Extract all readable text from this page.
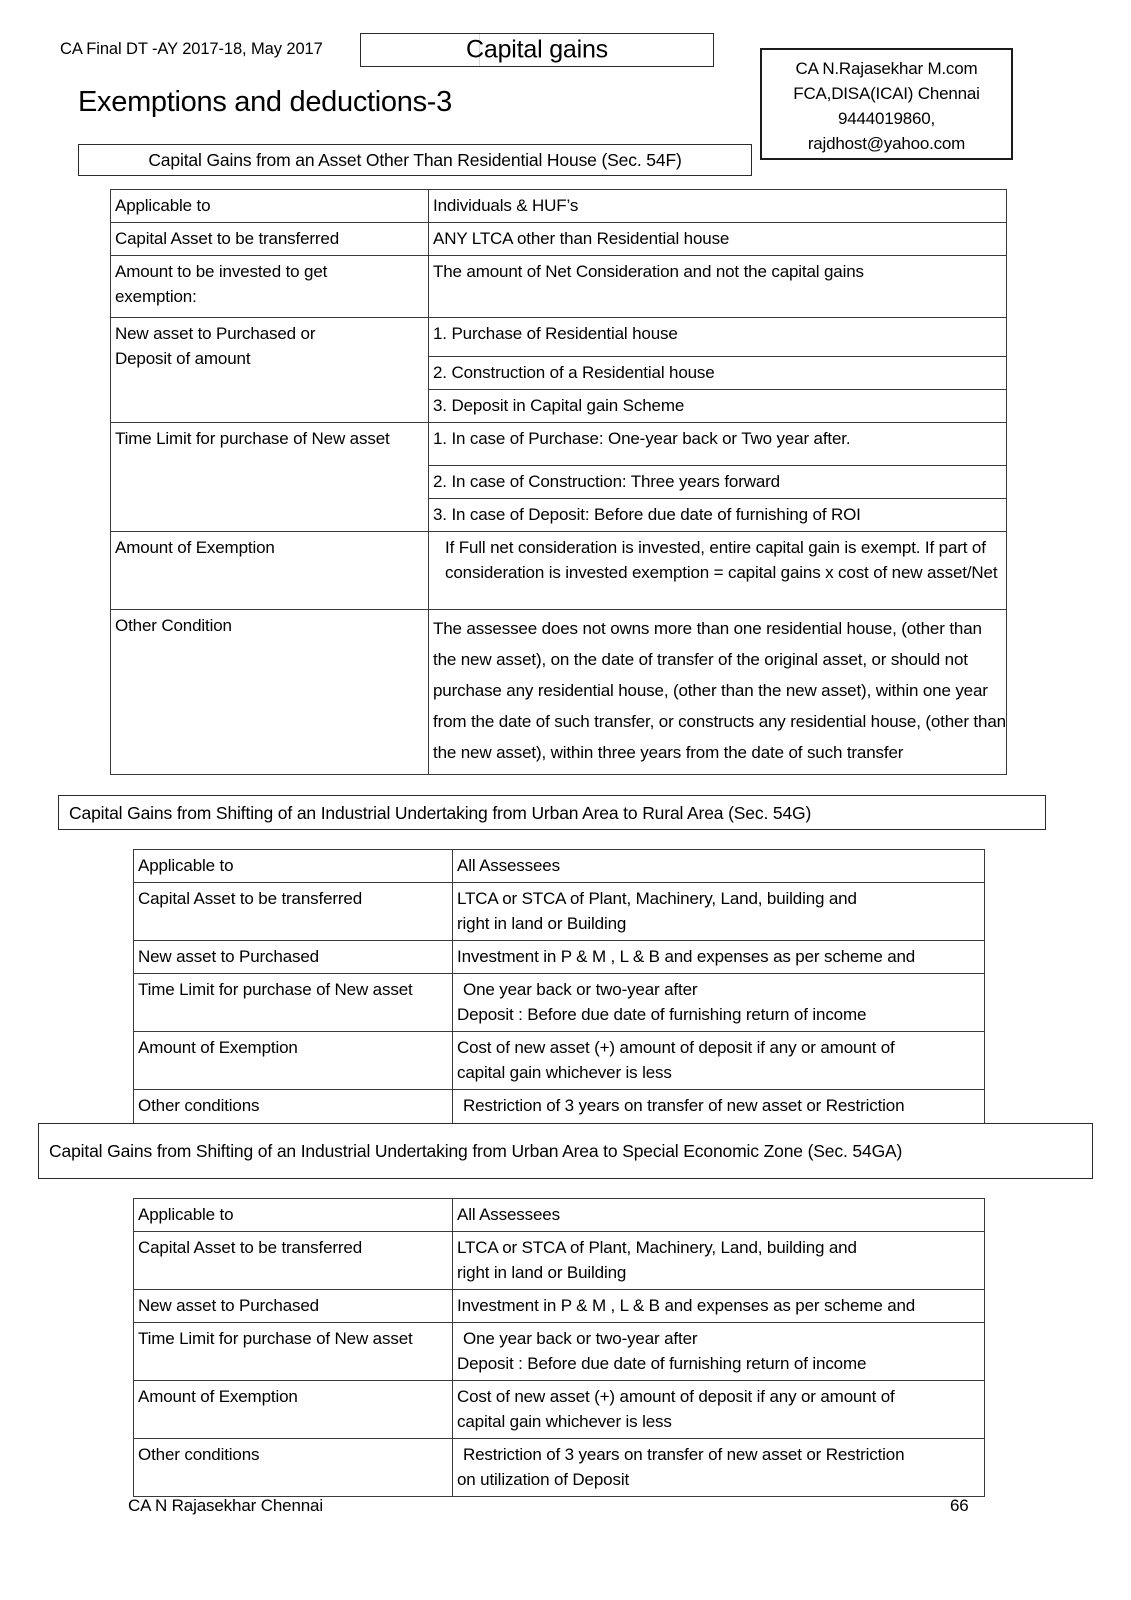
CA Final DT -AY 2017-18, May 2017	Capital gains
CA N.Rajasekhar M.com
FCA,DISA(ICAI) Chennai
9444019860,
rajdhost@yahoo.com
Exemptions and deductions-3
Capital Gains from an Asset Other Than Residential House (Sec. 54F)
Applicable to	Individuals & HUF’s
Capital Asset to be transferred	ANY LTCA other than Residential house

Amount to be invested to get
exemption:	The amount of Net Consideration and not the capital gains

New asset to Purchased or
Deposit of amount	1. Purchase of Residential house
	2. Construction of a Residential house
	3. Deposit in Capital gain Scheme
Time Limit for purchase of New asset	1. In case of Purchase: One-year back or Two year after.
	2. In case of Construction: Three years forward
	3. In case of Deposit: Before due date of furnishing of ROI
Amount of Exemption	If Full net consideration is invested, entire capital gain is exempt. If part of consideration is invested exemption = capital gains x cost of new asset/Net
Other Condition	The assessee does not owns more than one residential house, (other than the new asset), on the date of transfer of the original asset, or should not purchase any residential house, (other than the new asset), within one year from the date of such transfer, or constructs any residential house, (other than the new asset), within three years from the date of such transfer
Capital Gains from Shifting of an Industrial Undertaking from Urban Area to Rural Area (Sec. 54G)
Applicable to	All Assessees
Capital Asset to be transferred	LTCA or STCA of Plant, Machinery, Land, building and
right in land or Building

New asset to Purchased	Investment in P & M , L & B and expenses as per scheme and
Time Limit for purchase of New asset	One year back or two-year after
Deposit : Before due date of furnishing return of income

Amount of Exemption	Cost of new asset (+) amount of deposit if any or amount of
capital gain whichever is less

Other conditions	Restriction of 3 years on transfer of new asset or Restriction
Capital Gains from Shifting of an Industrial Undertaking from Urban Area to Special Economic Zone (Sec. 54GA)
Applicable to	All Assessees
Capital Asset to be transferred	LTCA or STCA of Plant, Machinery, Land, building and
right in land or Building

New asset to Purchased	Investment in P & M , L & B and expenses as per scheme and
Time Limit for purchase of New asset	One year back or two-year after
Deposit : Before due date of furnishing return of income

Amount of Exemption	Cost of new asset (+) amount of deposit if any or amount of
capital gain whichever is less

Other conditions	Restriction of 3 years on transfer of new asset or Restriction
on utilization of Deposit
CA N Rajasekhar Chennai	66
